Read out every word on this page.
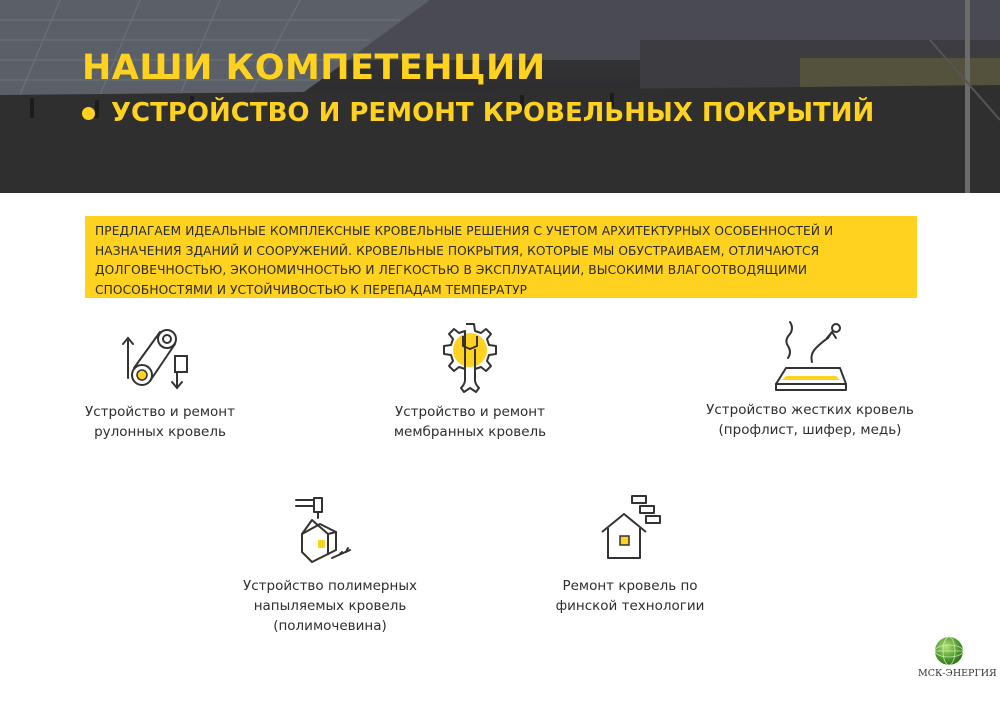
НАШИ КОМПЕТЕНЦИИ
УСТРОЙСТВО И РЕМОНТ КРОВЕЛЬНЫХ ПОКРЫТИЙ
ПРЕДЛАГАЕМ ИДЕАЛЬНЫЕ КОМПЛЕКСНЫЕ КРОВЕЛЬНЫЕ РЕШЕНИЯ С УЧЕТОМ АРХИТЕКТУРНЫХ ОСОБЕННОСТЕЙ И НАЗНАЧЕНИЯ ЗДАНИЙ И СООРУЖЕНИЙ. КРОВЕЛЬНЫЕ ПОКРЫТИЯ, КОТОРЫЕ МЫ ОБУСТРАИВАЕМ, ОТЛИЧАЮТСЯ ДОЛГОВЕЧНОСТЬЮ, ЭКОНОМИЧНОСТЬЮ И ЛЕГКОСТЬЮ В ЭКСПЛУАТАЦИИ, ВЫСОКИМИ ВЛАГООТВОДЯЩИМИ СПОСОБНОСТЯМИ И УСТОЙЧИВОСТЬЮ К ПЕРЕПАДАМ ТЕМПЕРАТУР
Устройство и ремонт
рулонных кровель
Устройство и ремонт
мембранных кровель
Устройство жестких кровель
(профлист, шифер, медь)
Устройство полимерных
напыляемых кровель (полимочевина)
Ремонт кровель по
финской технологии
МСК-ЭНЕРГИЯ
